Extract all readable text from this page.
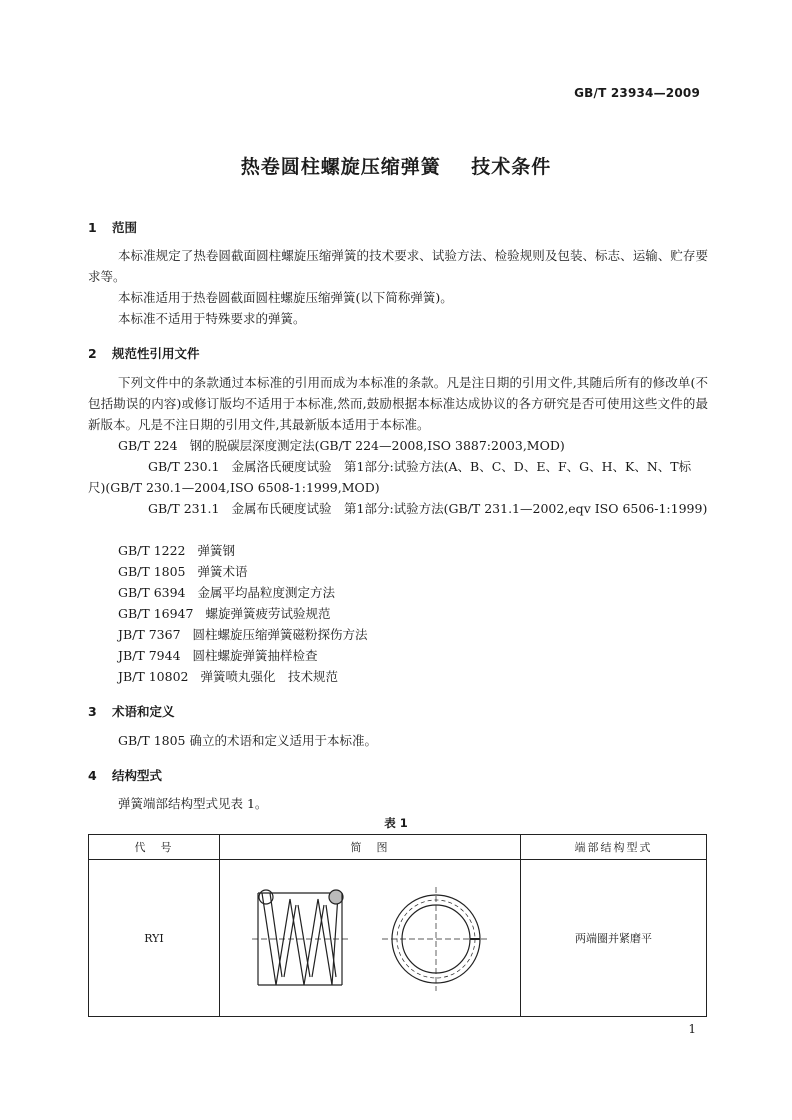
GB/T 23934—2009
热卷圆柱螺旋压缩弹簧    技术条件
1 范围
本标准规定了热卷圆截面圆柱螺旋压缩弹簧的技术要求、试验方法、检验规则及包装、标志、运输、贮存要求等。
本标准适用于热卷圆截面圆柱螺旋压缩弹簧(以下简称弹簧)。
本标准不适用于特殊要求的弹簧。
2 规范性引用文件
下列文件中的条款通过本标准的引用而成为本标准的条款。凡是注日期的引用文件,其随后所有的修改单(不包括勘误的内容)或修订版均不适用于本标准,然而,鼓励根据本标准达成协议的各方研究是否可使用这些文件的最新版本。凡是不注日期的引用文件,其最新版本适用于本标准。
GB/T 224 钢的脱碳层深度测定法(GB/T 224—2008,ISO 3887:2003,MOD)
GB/T 230.1 金属洛氏硬度试验　第1部分:试验方法(A、B、C、D、E、F、G、H、K、N、T标尺)(GB/T 230.1—2004,ISO 6508-1:1999,MOD)
GB/T 231.1 金属布氏硬度试验　第1部分:试验方法(GB/T 231.1—2002,eqv ISO 6506-1:1999)
GB/T 1222 弹簧钢
GB/T 1805 弹簧术语
GB/T 6394 金属平均晶粒度测定方法
GB/T 16947 螺旋弹簧疲劳试验规范
JB/T 7367 圆柱螺旋压缩弹簧磁粉探伤方法
JB/T 7944 圆柱螺旋弹簧抽样检查
JB/T 10802 弹簧喷丸强化　技术规范
3 术语和定义
GB/T 1805 确立的术语和定义适用于本标准。
4 结构型式
弹簧端部结构型式见表 1。
表 1
代　号	简　图	端部结构型式
RYⅠ		两端圈并紧磨平
1
